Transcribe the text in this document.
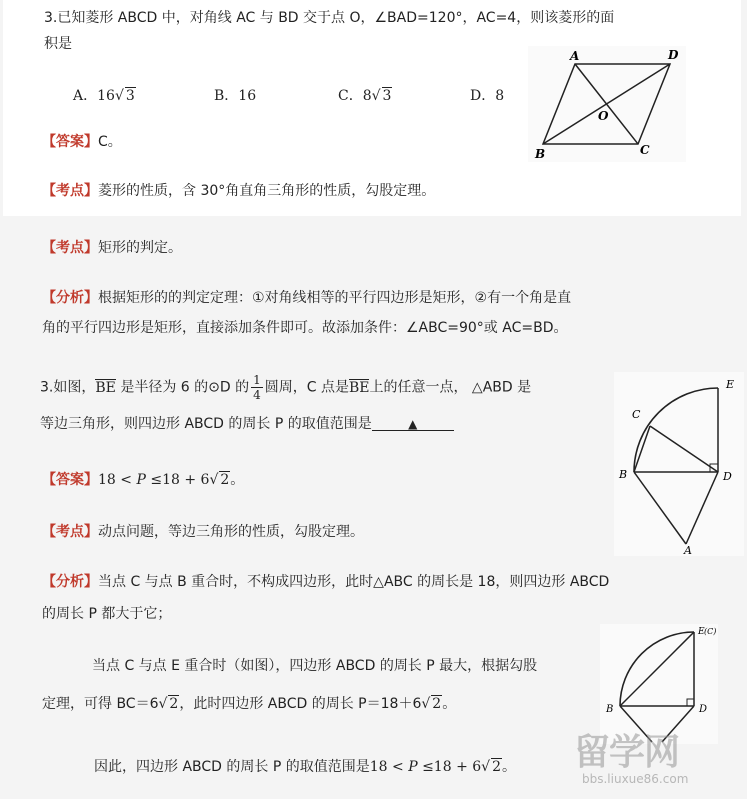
3.已知菱形 ABCD 中，对角线 AC 与 BD 交于点 O，∠BAD=120°，AC=4，则该菱形的面
积是
A．16√ 3	B．16	C．8√ 3	D．8
【答案】C。
【考点】菱形的性质，含 30°角直角三角形的性质，勾股定理。
A	D
O
B	C
【考点】矩形的判定。
【分析】根据矩形的的判定定理：①对角线相等的平行四边形是矩形，②有一个角是直
角的平行四边形是矩形，直接添加条件即可。故添加条件：∠ABC=90°或 AC=BD。
3.如图，BE 是半径为 6 的⊙D 的 $\frac{1}{4}$ 圆周，C 点是BE上的任意一点， △ABD 是
等边三角形，则四边形 ABCD 的周长 P 的取值范围是	▲
【答案】18 < P ≤18 + 6√ 2。
【考点】动点问题，等边三角形的性质，勾股定理。
【分析】当点 C 与点 B 重合时，不构成四边形，此时△ABC 的周长是 18，则四边形 ABCD
的周长 P 都大于它；
当点 C 与点 E 重合时（如图），四边形 ABCD 的周长 P 最大，根据勾股
定理，可得 BC＝6√ 2，此时四边形 ABCD 的周长 P＝18＋6√ 2。
因此，四边形 ABCD 的周长 P 的取值范围是18 < P ≤18 + 6√ 2。
E
C
B	D
A
E (C)
B	D
留学网
bbs.liuxue86.com
